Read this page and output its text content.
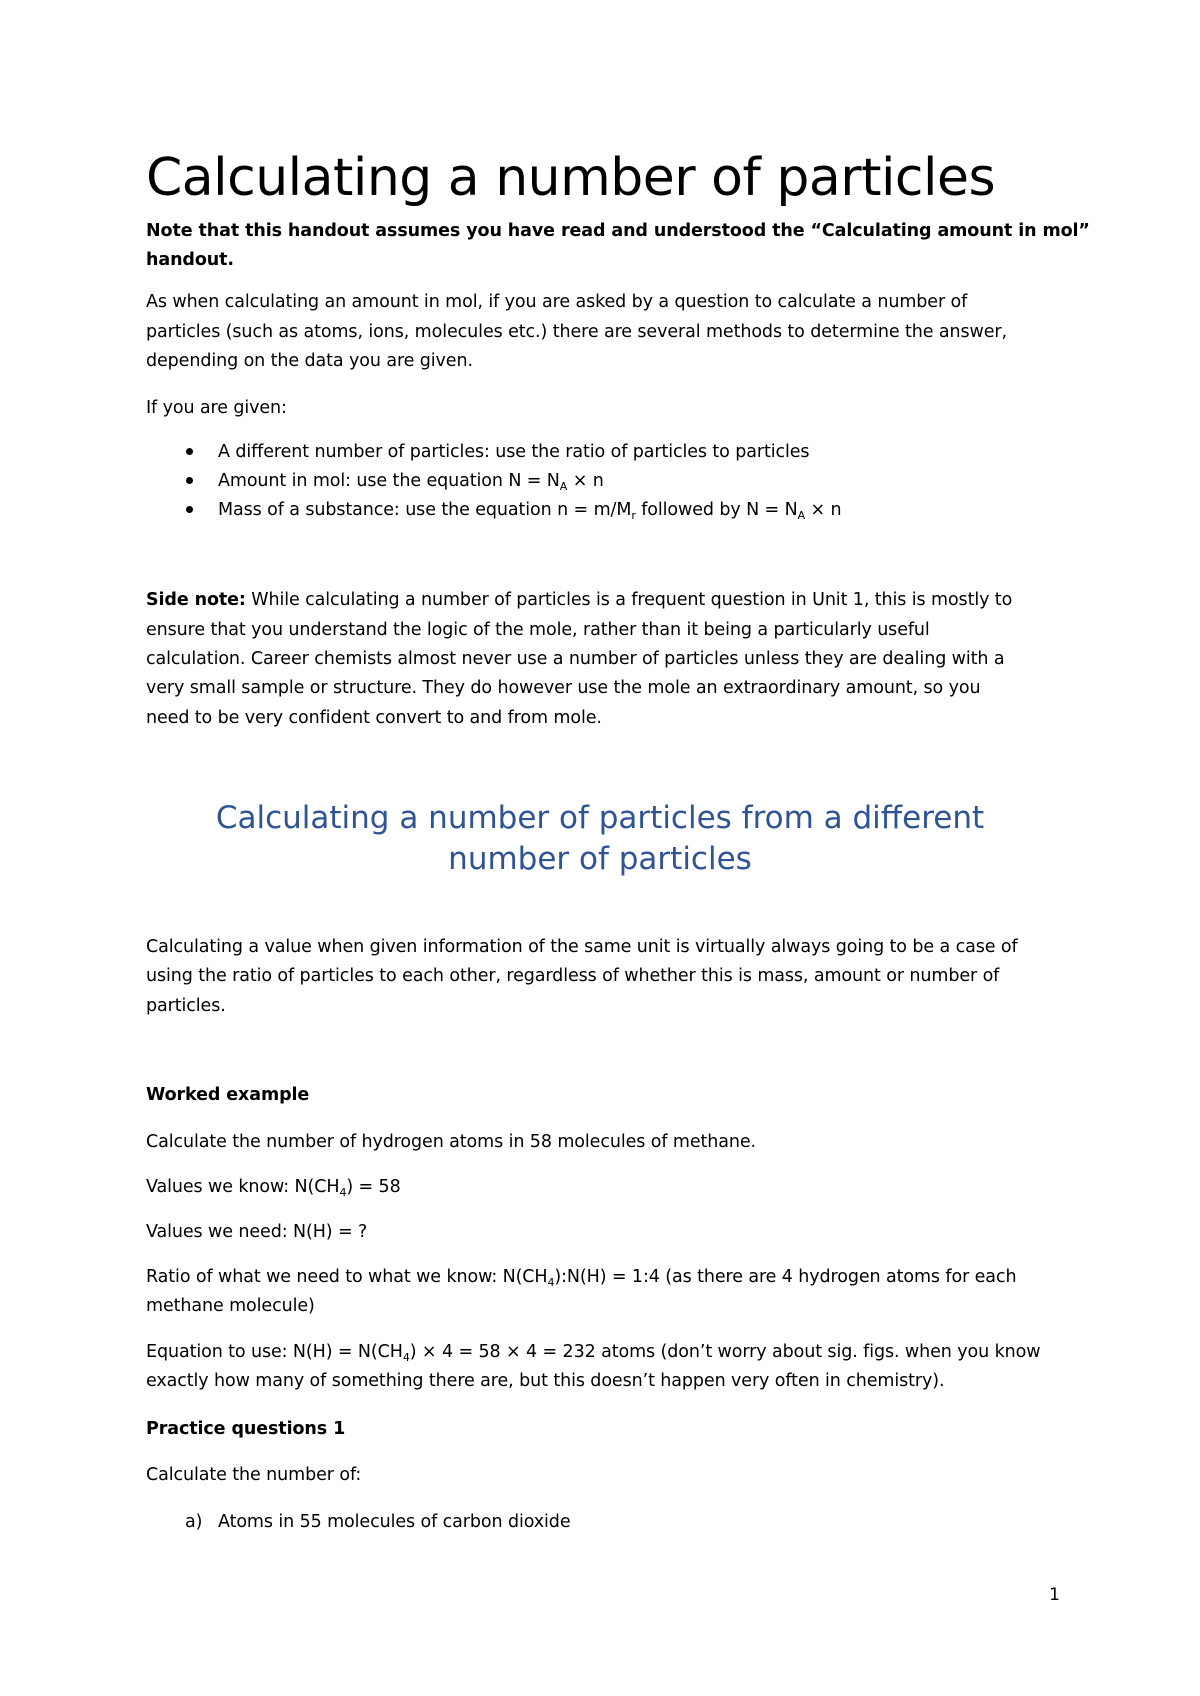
Calculating a number of particles
Note that this handout assumes you have read and understood the “Calculating amount in mol”
handout.
As when calculating an amount in mol, if you are asked by a question to calculate a number of
particles (such as atoms, ions, molecules etc.) there are several methods to determine the answer,
depending on the data you are given.
If you are given:
A different number of particles: use the ratio of particles to particles
Amount in mol: use the equation $N = N_A \times n$
Mass of a substance: use the equation $n = m/M_r$ followed by $N = N_A \times n$
Side note: While calculating a number of particles is a frequent question in Unit 1, this is mostly to
ensure that you understand the logic of the mole, rather than it being a particularly useful
calculation. Career chemists almost never use a number of particles unless they are dealing with a
very small sample or structure. They do however use the mole an extraordinary amount, so you
need to be very confident convert to and from mole.
Calculating a number of particles from a different
number of particles
Calculating a value when given information of the same unit is virtually always going to be a case of
using the ratio of particles to each other, regardless of whether this is mass, amount or number of
particles.
Worked example
Calculate the number of hydrogen atoms in 58 molecules of methane.
Values we know: $N(CH_4) = 58$
Values we need: N(H) = ?
Ratio of what we need to what we know: $N(CH_4):N(H)$ = 1:4 (as there are 4 hydrogen atoms for each
methane molecule)
Equation to use: $N(H) = N(CH_4) \times 4 = 58 \times 4 = 232$ atoms (don’t worry about sig. figs. when you know
exactly how many of something there are, but this doesn’t happen very often in chemistry).
Practice questions 1
Calculate the number of:
a) Atoms in 55 molecules of carbon dioxide
1
